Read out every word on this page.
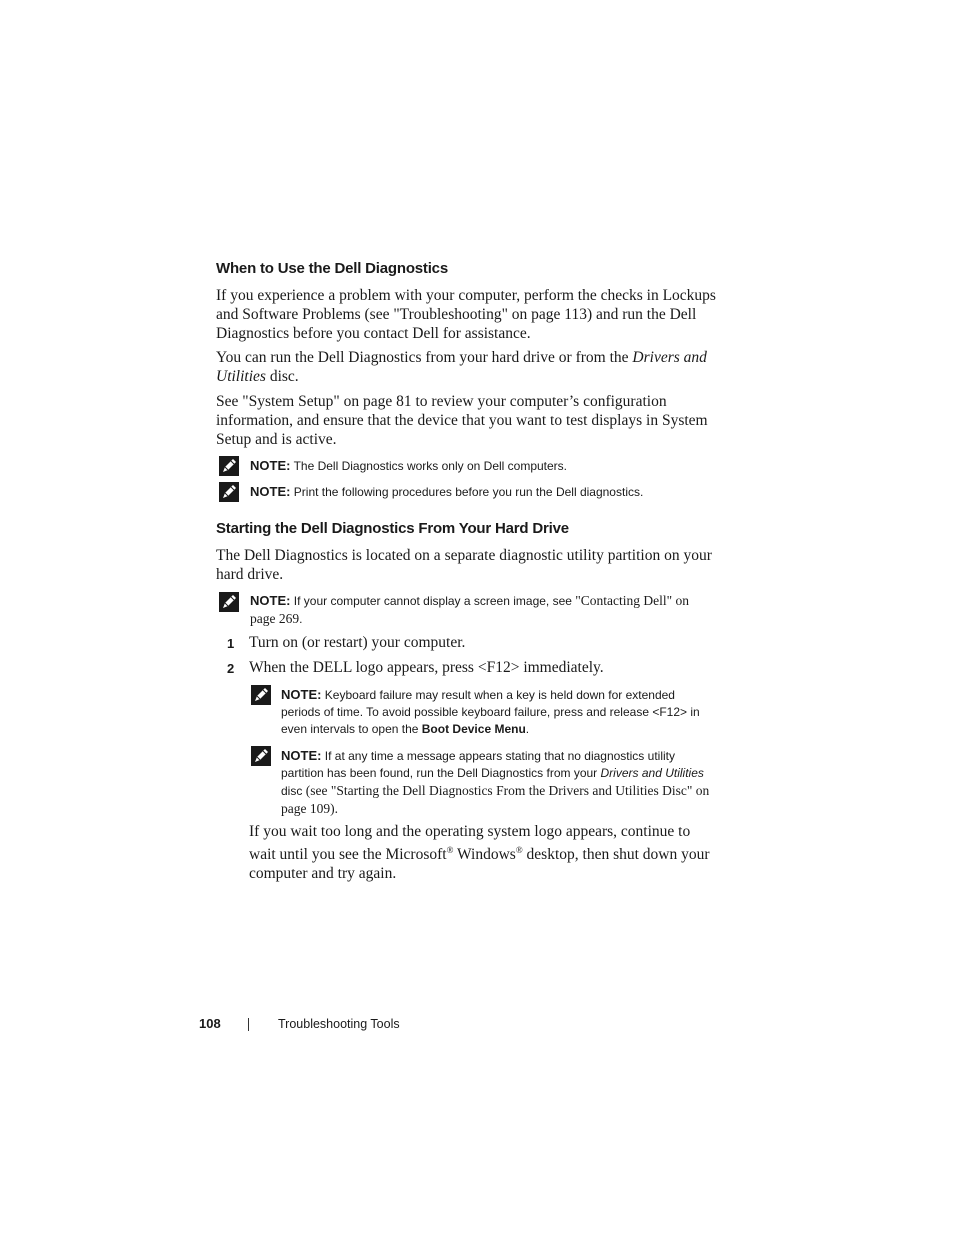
When to Use the Dell Diagnostics
If you experience a problem with your computer, perform the checks in Lockups and Software Problems (see "Troubleshooting" on page 113) and run the Dell Diagnostics before you contact Dell for assistance.
You can run the Dell Diagnostics from your hard drive or from the Drivers and Utilities disc.
See "System Setup" on page 81 to review your computer’s configuration information, and ensure that the device that you want to test displays in System Setup and is active.
NOTE: The Dell Diagnostics works only on Dell computers.
NOTE: Print the following procedures before you run the Dell diagnostics.
Starting the Dell Diagnostics From Your Hard Drive
The Dell Diagnostics is located on a separate diagnostic utility partition on your hard drive.
NOTE: If your computer cannot display a screen image, see "Contacting Dell" on page 269.
1 Turn on (or restart) your computer.
2 When the DELL logo appears, press <F12> immediately.
NOTE: Keyboard failure may result when a key is held down for extended periods of time. To avoid possible keyboard failure, press and release <F12> in even intervals to open the Boot Device Menu.
NOTE: If at any time a message appears stating that no diagnostics utility partition has been found, run the Dell Diagnostics from your Drivers and Utilities disc (see "Starting the Dell Diagnostics From the Drivers and Utilities Disc" on page 109).
If you wait too long and the operating system logo appears, continue to wait until you see the Microsoft® Windows® desktop, then shut down your computer and try again.
108	Troubleshooting Tools
